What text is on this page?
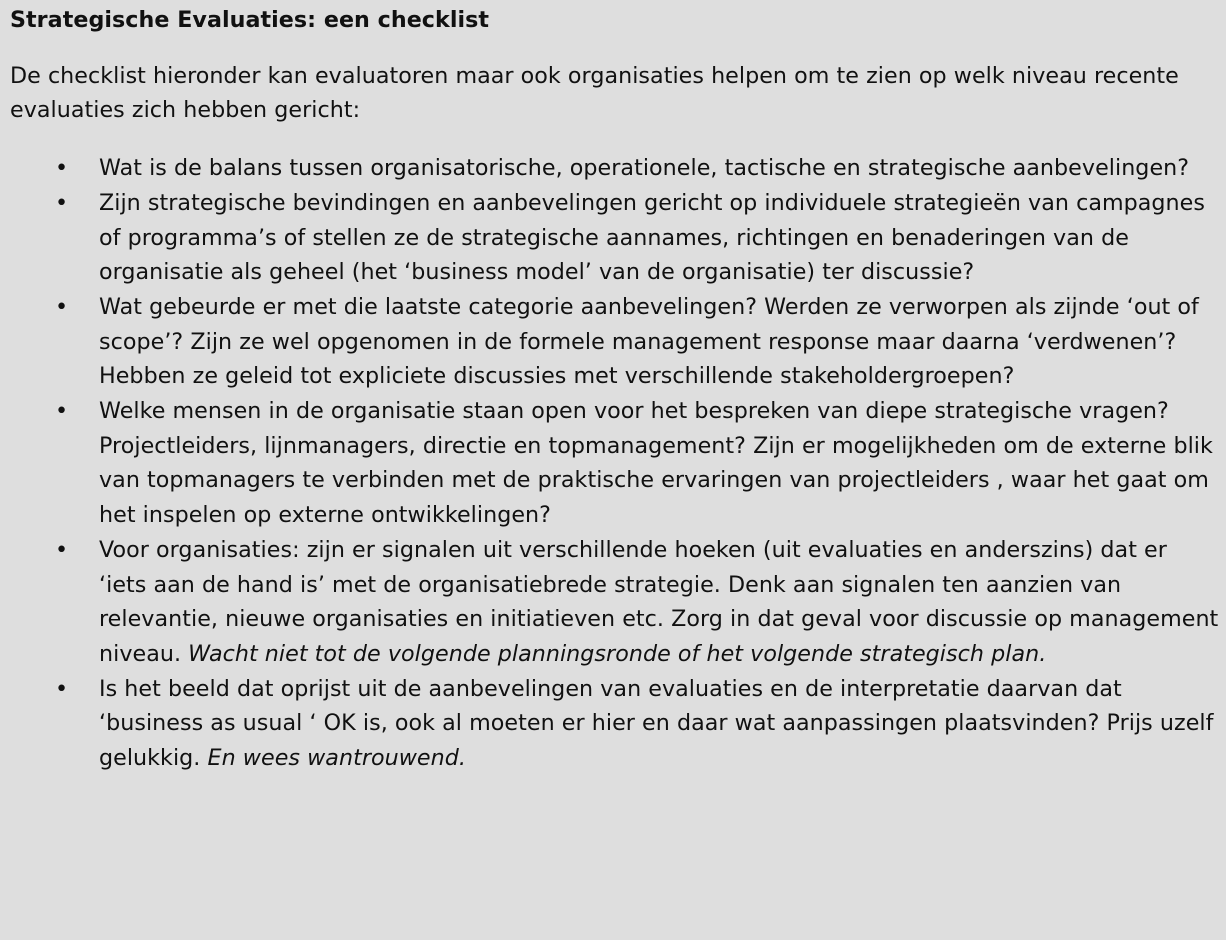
Strategische Evaluaties: een checklist

De checklist hieronder kan evaluatoren maar ook organisaties helpen om te zien op welk niveau recente evaluaties zich hebben gericht:

• Wat is de balans tussen organisatorische, operationele, tactische en strategische aanbevelingen?
• Zijn strategische bevindingen en aanbevelingen gericht op individuele strategieën van campagnes of programma’s of stellen ze de strategische aannames, richtingen en benaderingen van de organisatie als geheel (het ‘business model’ van de organisatie) ter discussie?
• Wat gebeurde er met die laatste categorie aanbevelingen? Werden ze verworpen als zijnde ‘out of scope’? Zijn ze wel opgenomen in de formele management response maar daarna ‘verdwenen’? Hebben ze geleid tot expliciete discussies met verschillende stakeholdergroepen?
• Welke mensen in de organisatie staan open voor het bespreken van diepe strategische vragen? Projectleiders, lijnmanagers, directie en topmanagement? Zijn er mogelijkheden om de externe blik van topmanagers te verbinden met de praktische ervaringen van projectleiders , waar het gaat om het inspelen op externe ontwikkelingen?
• Voor organisaties: zijn er signalen uit verschillende hoeken (uit evaluaties en anderszins) dat er ‘iets aan de hand is’ met de organisatiebrede strategie. Denk aan signalen ten aanzien van relevantie, nieuwe organisaties en initiatieven etc. Zorg in dat geval voor discussie op management niveau. Wacht niet tot de volgende planningsronde of het volgende strategisch plan.
• Is het beeld dat oprijst uit de aanbevelingen van evaluaties en de interpretatie daarvan dat ‘business as usual ‘ OK is, ook al moeten er hier en daar wat aanpassingen plaatsvinden? Prijs uzelf gelukkig. En wees wantrouwend.
